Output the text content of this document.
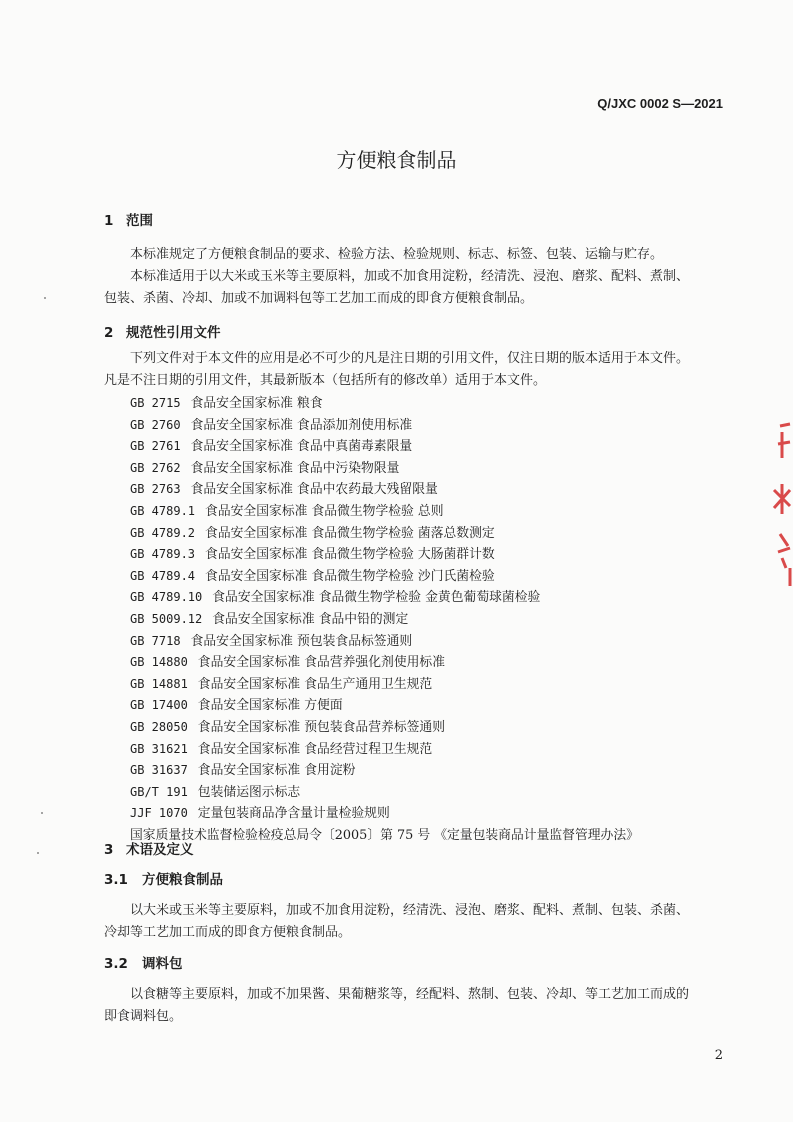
Q/JXC 0002 S—2021
方便粮食制品
1 范围
本标准规定了方便粮食制品的要求、检验方法、检验规则、标志、标签、包装、运输与贮存。
本标准适用于以大米或玉米等主要原料，加或不加食用淀粉，经清洗、浸泡、磨浆、配料、煮制、
包装、杀菌、冷却、加或不加调料包等工艺加工而成的即食方便粮食制品。
2 规范性引用文件
下列文件对于本文件的应用是必不可少的凡是注日期的引用文件，仅注日期的版本适用于本文件。
凡是不注日期的引用文件，其最新版本（包括所有的修改单）适用于本文件。
GB 2715 食品安全国家标准 粮食
GB 2760 食品安全国家标准 食品添加剂使用标准
GB 2761 食品安全国家标准 食品中真菌毒素限量
GB 2762 食品安全国家标准 食品中污染物限量
GB 2763 食品安全国家标准 食品中农药最大残留限量
GB 4789.1 食品安全国家标准 食品微生物学检验 总则
GB 4789.2 食品安全国家标准 食品微生物学检验 菌落总数测定
GB 4789.3 食品安全国家标准 食品微生物学检验 大肠菌群计数
GB 4789.4 食品安全国家标准 食品微生物学检验 沙门氏菌检验
GB 4789.10 食品安全国家标准 食品微生物学检验 金黄色葡萄球菌检验
GB 5009.12 食品安全国家标准 食品中铅的测定
GB 7718 食品安全国家标准 预包装食品标签通则
GB 14880 食品安全国家标准 食品营养强化剂使用标准
GB 14881 食品安全国家标准 食品生产通用卫生规范
GB 17400 食品安全国家标准 方便面
GB 28050 食品安全国家标准 预包装食品营养标签通则
GB 31621 食品安全国家标准 食品经营过程卫生规范
GB 31637 食品安全国家标准 食用淀粉
GB/T 191 包装储运图示标志
JJF 1070 定量包装商品净含量计量检验规则
国家质量技术监督检验检疫总局令〔2005〕第 75 号 《定量包装商品计量监督管理办法》
3 术语及定义
3.1 方便粮食制品
以大米或玉米等主要原料，加或不加食用淀粉，经清洗、浸泡、磨浆、配料、煮制、包装、杀菌、
冷却等工艺加工而成的即食方便粮食制品。
3.2 调料包
以食糖等主要原料，加或不加果酱、果葡糖浆等，经配料、熬制、包装、冷却、等工艺加工而成的
即食调料包。
2
